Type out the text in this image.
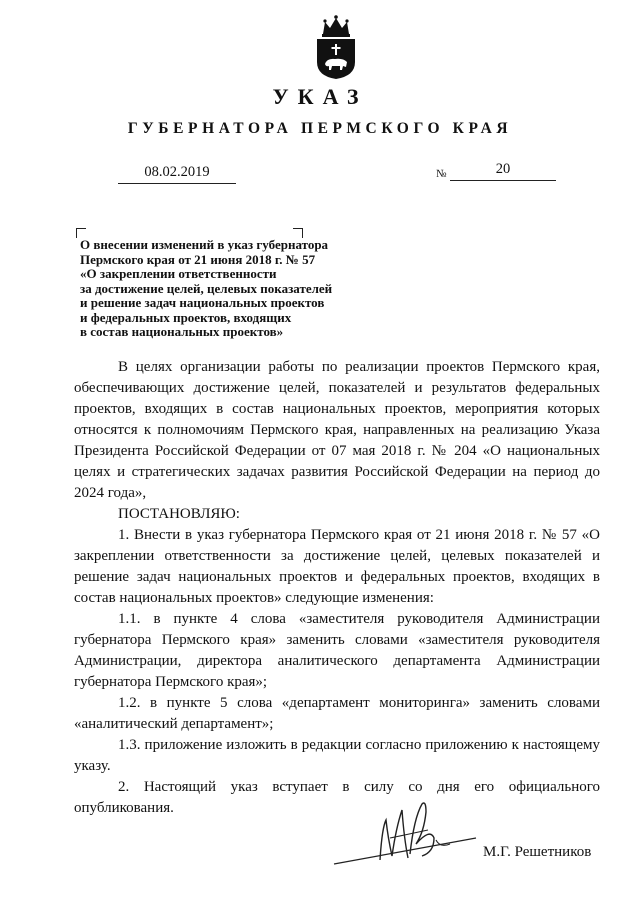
УКАЗ
ГУБЕРНАТОРА ПЕРМСКОГО КРАЯ
08.02.2019	№	20
О внесении изменений в указ губернатора
Пермского края от 21 июня 2018 г. № 57
«О закреплении ответственности
за достижение целей, целевых показателей
и решение задач национальных проектов
и федеральных проектов, входящих
в состав национальных проектов»

В целях организации работы по реализации проектов Пермского края, обеспечивающих достижение целей, показателей и результатов федеральных проектов, входящих в состав национальных проектов, мероприятия которых относятся к полномочиям Пермского края, направленных на реализацию Указа Президента Российской Федерации от 07 мая 2018 г. № 204 «О национальных целях и стратегических задачах развития Российской Федерации на период до 2024 года»,

ПОСТАНОВЛЯЮ:

1. Внести в указ губернатора Пермского края от 21 июня 2018 г. № 57 «О закреплении ответственности за достижение целей, целевых показателей и решение задач национальных проектов и федеральных проектов, входящих в состав национальных проектов» следующие изменения:

1.1. в пункте 4 слова «заместителя руководителя Администрации губернатора Пермского края» заменить словами «заместителя руководителя Администрации, директора аналитического департамента Администрации губернатора Пермского края»;

1.2. в пункте 5 слова «департамент мониторинга» заменить словами «аналитический департамент»;

1.3. приложение изложить в редакции согласно приложению к настоящему указу.

2. Настоящий указ вступает в силу со дня его официального опубликования.

М.Г. Решетников
